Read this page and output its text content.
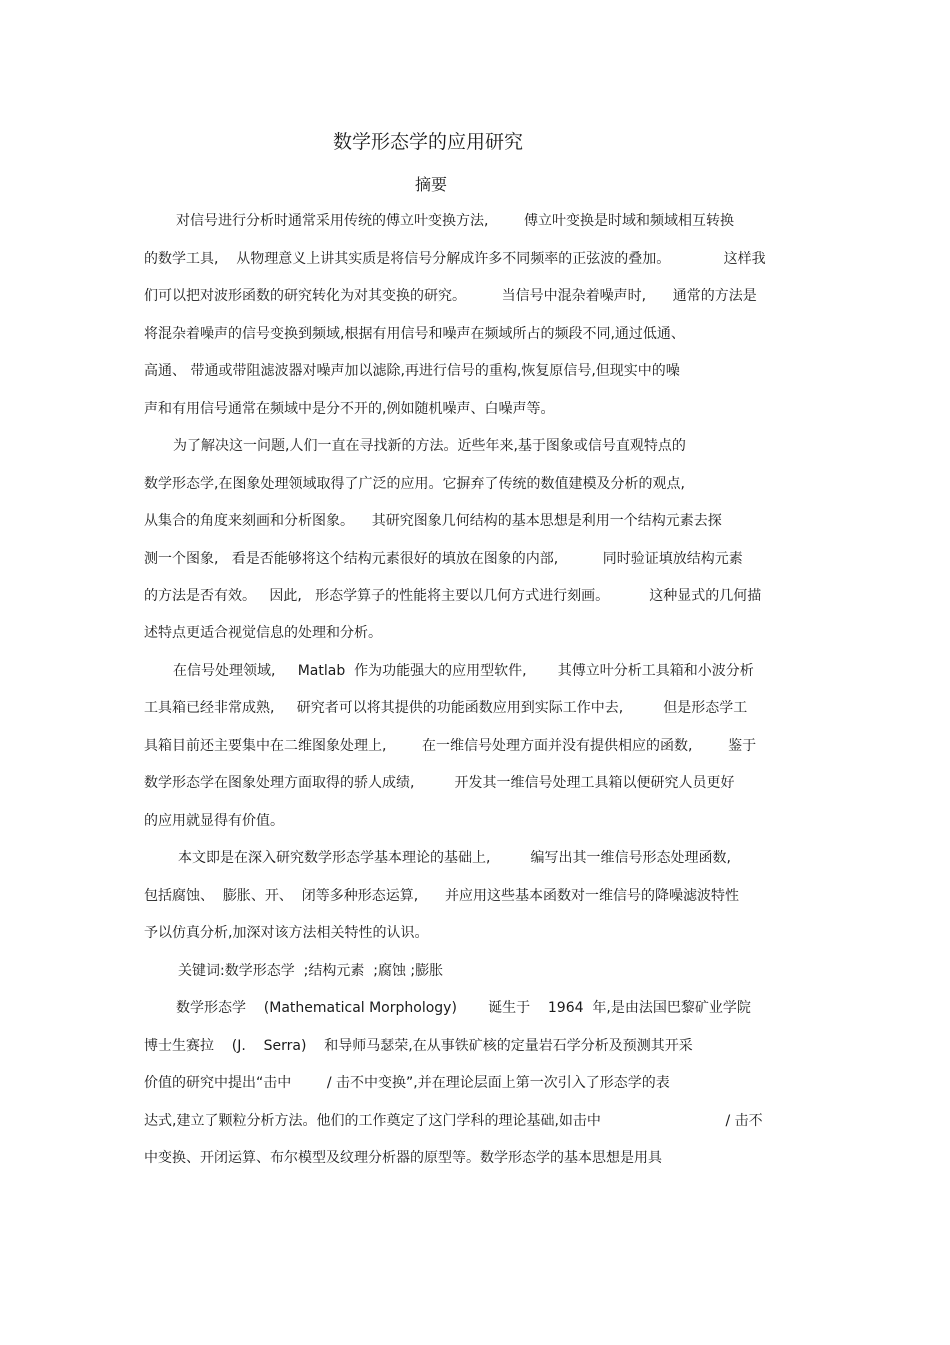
数学形态学的应用研究
摘要

对信号进行分析时通常采用传统的傅立叶变换方法,        傅立叶变换是时域和频域相互转换

的数学工具,    从物理意义上讲其实质是将信号分解成许多不同频率的正弦波的叠加。            这样我

们可以把对波形函数的研究转化为对其变换的研究。        当信号中混杂着噪声时,      通常的方法是

将混杂着噪声的信号变换到频域,根据有用信号和噪声在频域所占的频段不同,通过低通、

高通、 带通或带阻滤波器对噪声加以滤除,再进行信号的重构,恢复原信号,但现实中的噪

声和有用信号通常在频域中是分不开的,例如随机噪声、白噪声等。

为了解决这一问题,人们一直在寻找新的方法。近些年来,基于图象或信号直观特点的

数学形态学,在图象处理领域取得了广泛的应用。它摒弃了传统的数值建模及分析的观点,

从集合的角度来刻画和分析图象。    其研究图象几何结构的基本思想是利用一个结构元素去探

测一个图象,   看是否能够将这个结构元素很好的填放在图象的内部,          同时验证填放结构元素

的方法是否有效。   因此,   形态学算子的性能将主要以几何方式进行刻画。         这种显式的几何描

述特点更适合视觉信息的处理和分析。

在信号处理领域,     Matlab  作为功能强大的应用型软件,       其傅立叶分析工具箱和小波分析

工具箱已经非常成熟,     研究者可以将其提供的功能函数应用到实际工作中去,         但是形态学工

具箱目前还主要集中在二维图象处理上,        在一维信号处理方面并没有提供相应的函数,        鉴于

数学形态学在图象处理方面取得的骄人成绩,         开发其一维信号处理工具箱以便研究人员更好

的应用就显得有价值。

本文即是在深入研究数学形态学基本理论的基础上,         编写出其一维信号形态处理函数,

包括腐蚀、  膨胀、开、  闭等多种形态运算,      并应用这些基本函数对一维信号的降噪滤波特性

予以仿真分析,加深对该方法相关特性的认识。

关键词:数学形态学  ;结构元素  ;腐蚀 ;膨胀

数学形态学    (Mathematical Morphology)       诞生于    1964  年,是由法国巴黎矿业学院

博士生赛拉    (J.    Serra)    和导师马瑟荣,在从事铁矿核的定量岩石学分析及预测其开采

价值的研究中提出“击中        / 击不中变换”,并在理论层面上第一次引入了形态学的表

达式,建立了颗粒分析方法。他们的工作奠定了这门学科的理论基础,如击中                            / 击不

中变换、开闭运算、布尔模型及纹理分析器的原型等。数学形态学的基本思想是用具
